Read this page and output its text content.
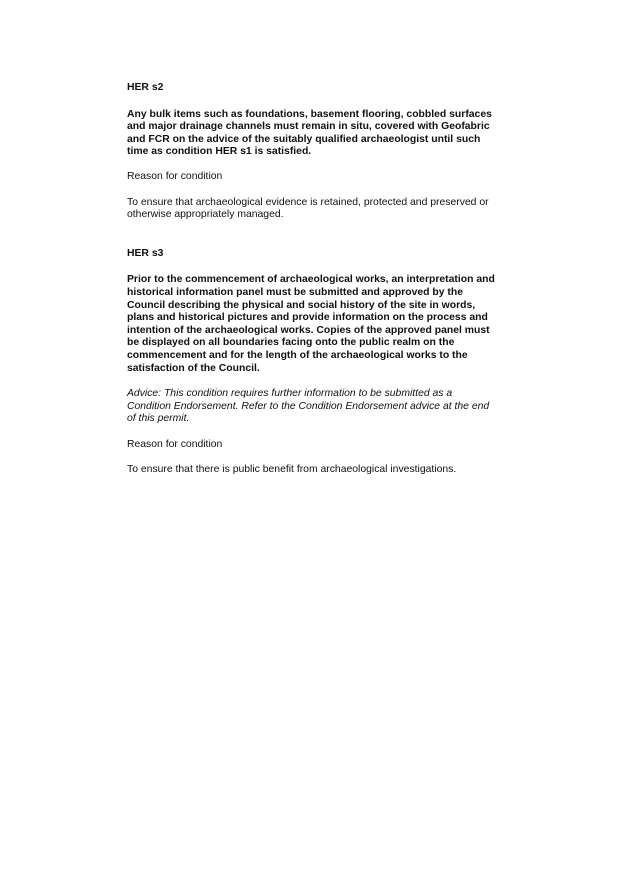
HER s2

Any bulk items such as foundations, basement flooring, cobbled surfaces
and major drainage channels must remain in situ, covered with Geofabric
and FCR on the advice of the suitably qualified archaeologist until such
time as condition HER s1 is satisfied.

Reason for condition

To ensure that archaeological evidence is retained, protected and preserved or
otherwise appropriately managed.

HER s3

Prior to the commencement of archaeological works, an interpretation and
historical information panel must be submitted and approved by the
Council describing the physical and social history of the site in words,
plans and historical pictures and provide information on the process and
intention of the archaeological works. Copies of the approved panel must
be displayed on all boundaries facing onto the public realm on the
commencement and for the length of the archaeological works to the
satisfaction of the Council.

Advice: This condition requires further information to be submitted as a
Condition Endorsement. Refer to the Condition Endorsement advice at the end
of this permit.

Reason for condition

To ensure that there is public benefit from archaeological investigations.
